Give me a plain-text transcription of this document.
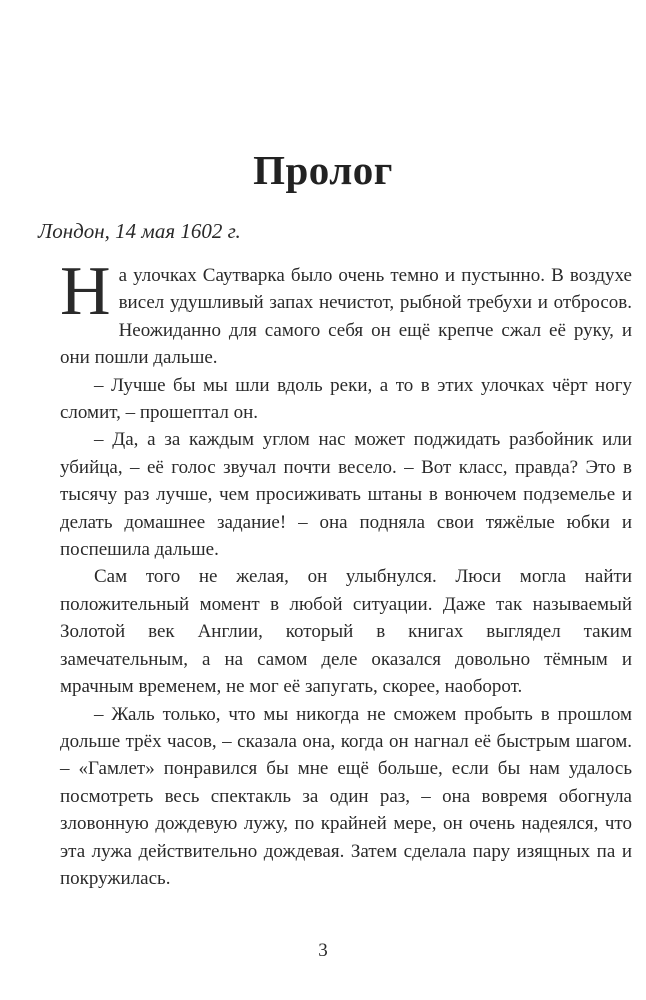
Пролог

Лондон, 14 мая 1602 г.

На улочках Саутварка было очень темно и пустынно. В воздухе висел удушливый запах нечистот, рыбной требухи и отбросов. Неожиданно для самого себя он ещё крепче сжал её руку, и они пошли дальше.

– Лучше бы мы шли вдоль реки, а то в этих улочках чёрт ногу сломит, – прошептал он.

– Да, а за каждым углом нас может поджидать разбойник или убийца, – её голос звучал почти весело. – Вот класс, правда? Это в тысячу раз лучше, чем просиживать штаны в вонючем подземелье и делать домашнее задание! – она подняла свои тяжёлые юбки и поспешила дальше.

Сам того не желая, он улыбнулся. Люси могла найти положительный момент в любой ситуации. Даже так называемый Золотой век Англии, который в книгах выглядел таким замечательным, а на самом деле оказался довольно тёмным и мрачным временем, не мог её запугать, скорее, наоборот.

– Жаль только, что мы никогда не сможем пробыть в прошлом дольше трёх часов, – сказала она, когда он нагнал её быстрым шагом. – «Гамлет» понравился бы мне ещё больше, если бы нам удалось посмотреть весь спектакль за один раз, – она вовремя обогнула зловонную дождевую лужу, по крайней мере, он очень надеялся, что эта лужа действительно дождевая. Затем сделала пару изящных па и покружилась.

3
